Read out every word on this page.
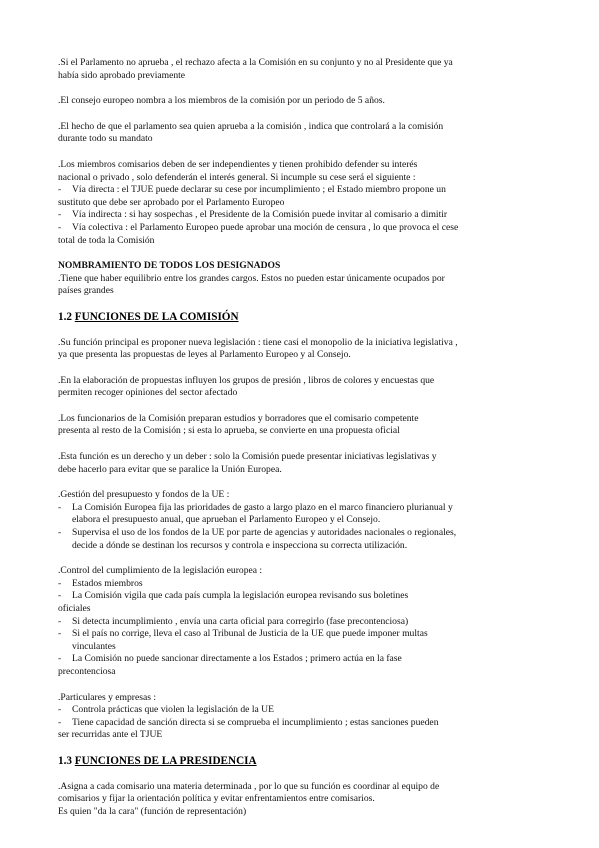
.Si el Parlamento no aprueba , el rechazo afecta a la Comisión en su conjunto y no al Presidente que ya
había sido aprobado previamente
.El consejo europeo nombra a los miembros de la comisión por un periodo de 5 años.
.El hecho de que el parlamento sea quien aprueba a la comisión , indica que controlará a la comisión
durante todo su mandato
.Los miembros comisarios deben de ser independientes y tienen prohibido defender su interés
nacional o privado , solo defenderán el interés general. Si incumple su cese será el siguiente :
- Vía directa : el TJUE puede declarar su cese por incumplimiento ; el Estado miembro propone un
sustituto que debe ser aprobado por el Parlamento Europeo
- Vía indirecta : si hay sospechas , el Presidente de la Comisión puede invitar al comisario a dimitir
- Vía colectiva : el Parlamento Europeo puede aprobar una moción de censura , lo que provoca el cese
total de toda la Comisión
NOMBRAMIENTO DE TODOS LOS DESIGNADOS
.Tiene que haber equilibrio entre los grandes cargos. Estos no pueden estar únicamente ocupados por
países grandes
1.2 FUNCIONES DE LA COMISIÓN
.Su función principal es proponer nueva legislación : tiene casi el monopolio de la iniciativa legislativa ,
ya que presenta las propuestas de leyes al Parlamento Europeo y al Consejo.
.En la elaboración de propuestas influyen los grupos de presión , libros de colores y encuestas que
permiten recoger opiniones del sector afectado
.Los funcionarios de la Comisión preparan estudios y borradores que el comisario competente
presenta al resto de la Comisión ; si esta lo aprueba, se convierte en una propuesta oficial
.Esta función es un derecho y un deber : solo la Comisión puede presentar iniciativas legislativas y
debe hacerlo para evitar que se paralice la Unión Europea.
.Gestión del presupuesto y fondos de la UE :
- La Comisión Europea fija las prioridades de gasto a largo plazo en el marco financiero plurianual y
elabora el presupuesto anual, que aprueban el Parlamento Europeo y el Consejo.
- Supervisa el uso de los fondos de la UE por parte de agencias y autoridades nacionales o regionales,
decide a dónde se destinan los recursos y controla e inspecciona su correcta utilización.
.Control del cumplimiento de la legislación europea :
- Estados miembros
- La Comisión vigila que cada país cumpla la legislación europea revisando sus boletines
oficiales
- Si detecta incumplimiento , envía una carta oficial para corregirlo (fase precontenciosa)
- Si el país no corrige, lleva el caso al Tribunal de Justicia de la UE que puede imponer multas
vinculantes
- La Comisión no puede sancionar directamente a los Estados ; primero actúa en la fase
precontenciosa
.Particulares y empresas :
- Controla prácticas que violen la legislación de la UE
- Tiene capacidad de sanción directa si se comprueba el incumplimiento ; estas sanciones pueden
ser recurridas ante el TJUE
1.3 FUNCIONES DE LA PRESIDENCIA
.Asigna a cada comisario una materia determinada , por lo que su función es coordinar al equipo de
comisarios y fijar la orientación política y evitar enfrentamientos entre comisarios.
Es quien "da la cara" (función de representación)
